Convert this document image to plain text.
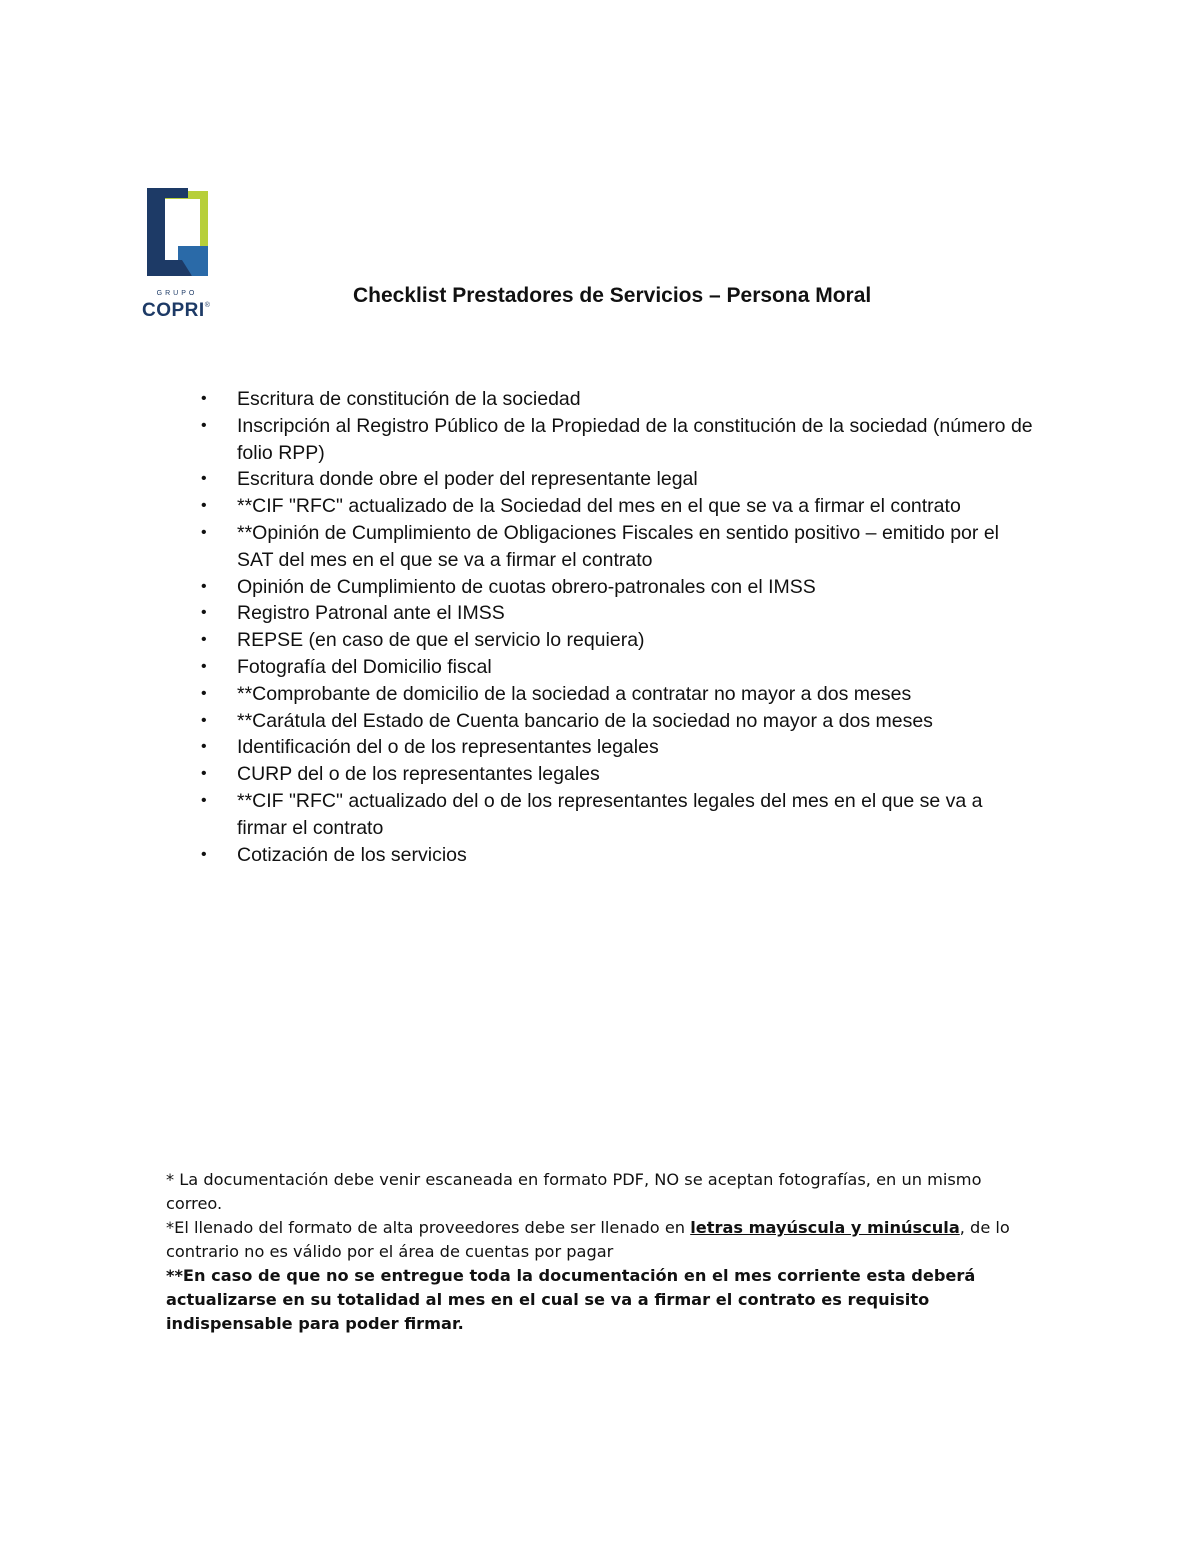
GRUPO
COPRI®	Checklist Prestadores de Servicios – Persona Moral
• Escritura de constitución de la sociedad
• Inscripción al Registro Público de la Propiedad de la constitución de la sociedad (número de folio RPP)
• Escritura donde obre el poder del representante legal
• **CIF "RFC" actualizado de la Sociedad del mes en el que se va a firmar el contrato
• **Opinión de Cumplimiento de Obligaciones Fiscales en sentido positivo – emitido por el SAT del mes en el que se va a firmar el contrato
• Opinión de Cumplimiento de cuotas obrero-patronales con el IMSS
• Registro Patronal ante el IMSS
• REPSE (en caso de que el servicio lo requiera)
• Fotografía del Domicilio fiscal
• **Comprobante de domicilio de la sociedad a contratar no mayor a dos meses
• **Carátula del Estado de Cuenta bancario de la sociedad no mayor a dos meses
• Identificación del o de los representantes legales
• CURP del o de los representantes legales
• **CIF "RFC" actualizado del o de los representantes legales del mes en el que se va a firmar el contrato
• Cotización de los servicios

* La documentación debe venir escaneada en formato PDF, NO se aceptan fotografías, en un mismo correo.

*El llenado del formato de alta proveedores debe ser llenado en letras mayúscula y minúscula, de lo contrario no es válido por el área de cuentas por pagar

**En caso de que no se entregue toda la documentación en el mes corriente esta deberá actualizarse en su totalidad al mes en el cual se va a firmar el contrato es requisito indispensable para poder firmar.
